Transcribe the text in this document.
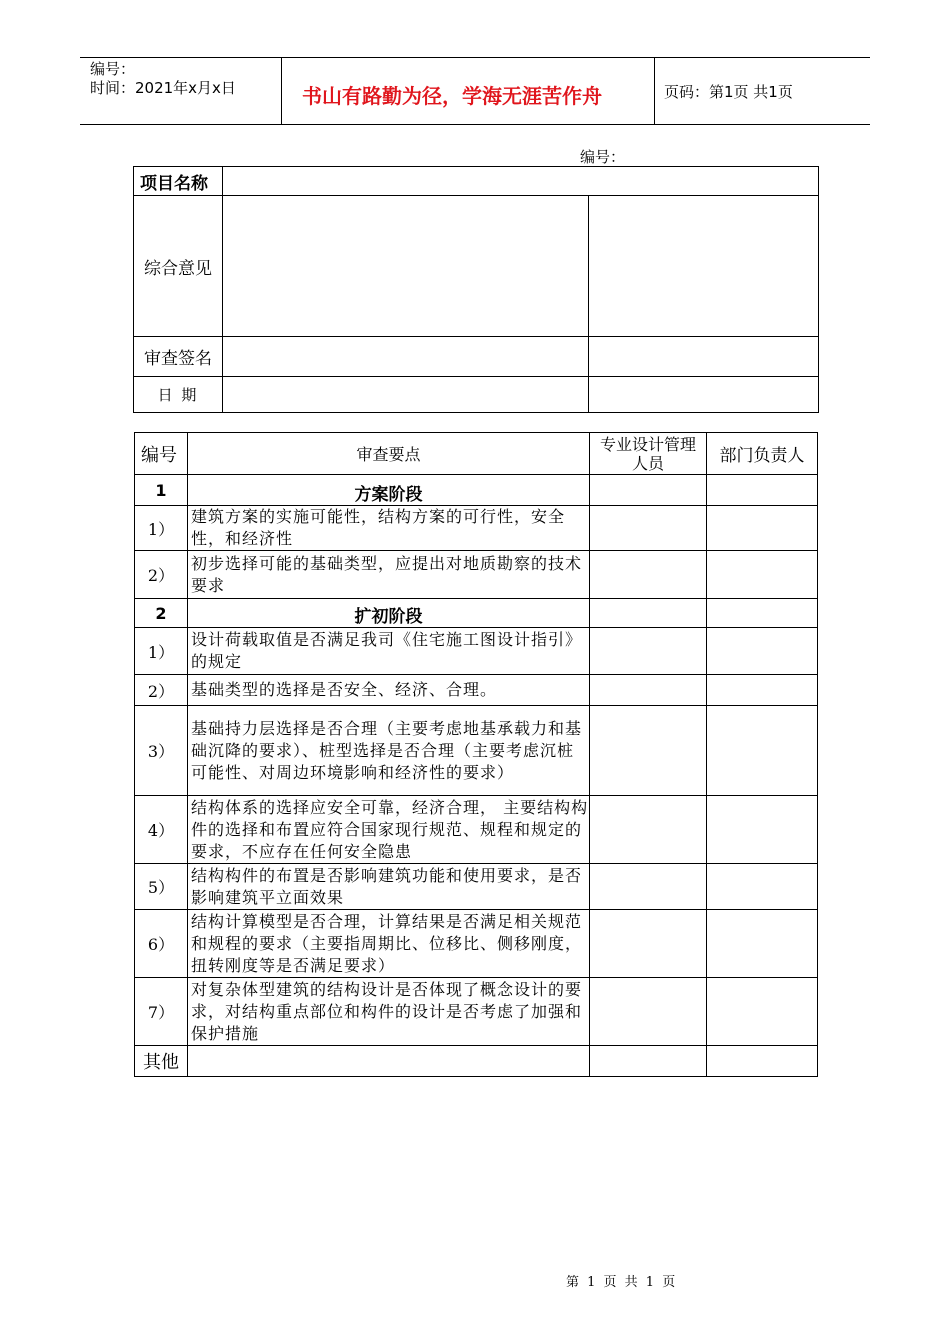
编号：
时间：2021年x月x日	书山有路勤为径，学海无涯苦作舟	页码：第1页 共1页
编号：
项目名称		
综合意见		
审查签名		
日 期		
编号	审查要点	专业设计管理人员	部门负责人
1	方案阶段		
1）	建筑方案的实施可能性，结构方案的可行性，安全性，和经济性		
2）	初步选择可能的基础类型，应提出对地质勘察的技术要求		
2	扩初阶段		
1）	设计荷载取值是否满足我司《住宅施工图设计指引》的规定		
2）	基础类型的选择是否安全、经济、合理。		
3）	基础持力层选择是否合理（主要考虑地基承载力和基础沉降的要求）、桩型选择是否合理（主要考虑沉桩可能性、对周边环境影响和经济性的要求）		
4）	结构体系的选择应安全可靠，经济合理， 主要结构构件的选择和布置应符合国家现行规范、规程和规定的要求，不应存在任何安全隐患		
5）	结构构件的布置是否影响建筑功能和使用要求，是否影响建筑平立面效果		
6）	结构计算模型是否合理，计算结果是否满足相关规范和规程的要求（主要指周期比、位移比、侧移刚度，扭转刚度等是否满足要求）		
7）	对复杂体型建筑的结构设计是否体现了概念设计的要求，对结构重点部位和构件的设计是否考虑了加强和保护措施		
其他			
第 1 页 共 1 页
